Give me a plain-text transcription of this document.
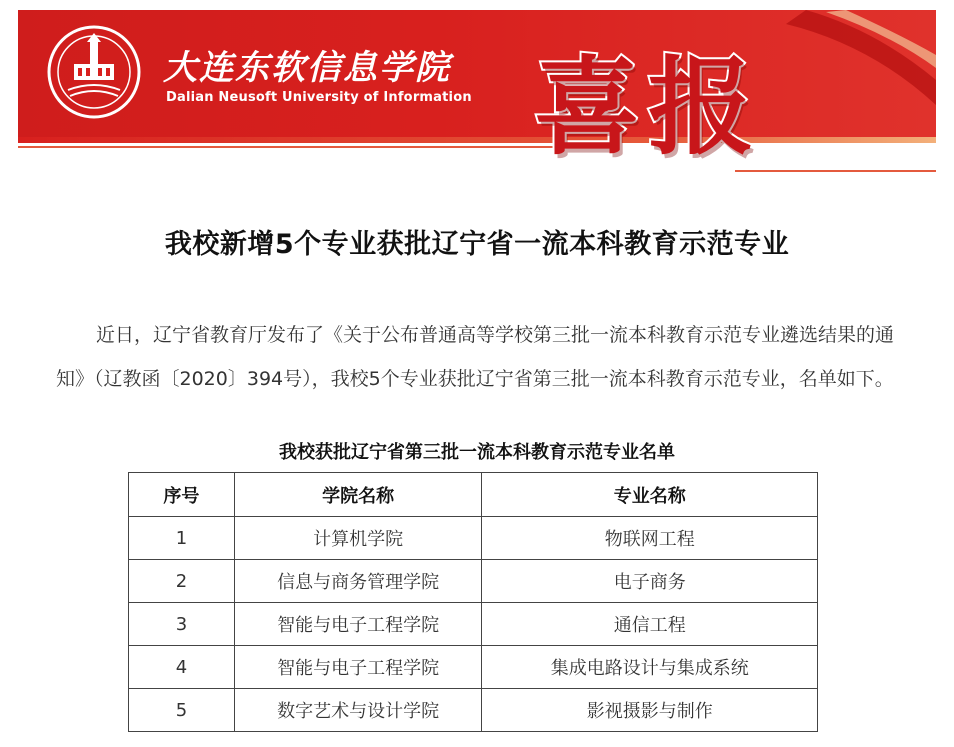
大连东软信息学院
Dalian Neusoft University of Information 喜报
我校新增5个专业获批辽宁省一流本科教育示范专业
近日，辽宁省教育厅发布了《关于公布普通高等学校第三批一流本科教育示范专业遴选结果的通知》（辽教函〔2020〕394号），我校5个专业获批辽宁省第三批一流本科教育示范专业，名单如下。
我校获批辽宁省第三批一流本科教育示范专业名单
序号	学院名称	专业名称
1	计算机学院	物联网工程
2	信息与商务管理学院	电子商务
3	智能与电子工程学院	通信工程
4	智能与电子工程学院	集成电路设计与集成系统
5	数字艺术与设计学院	影视摄影与制作
